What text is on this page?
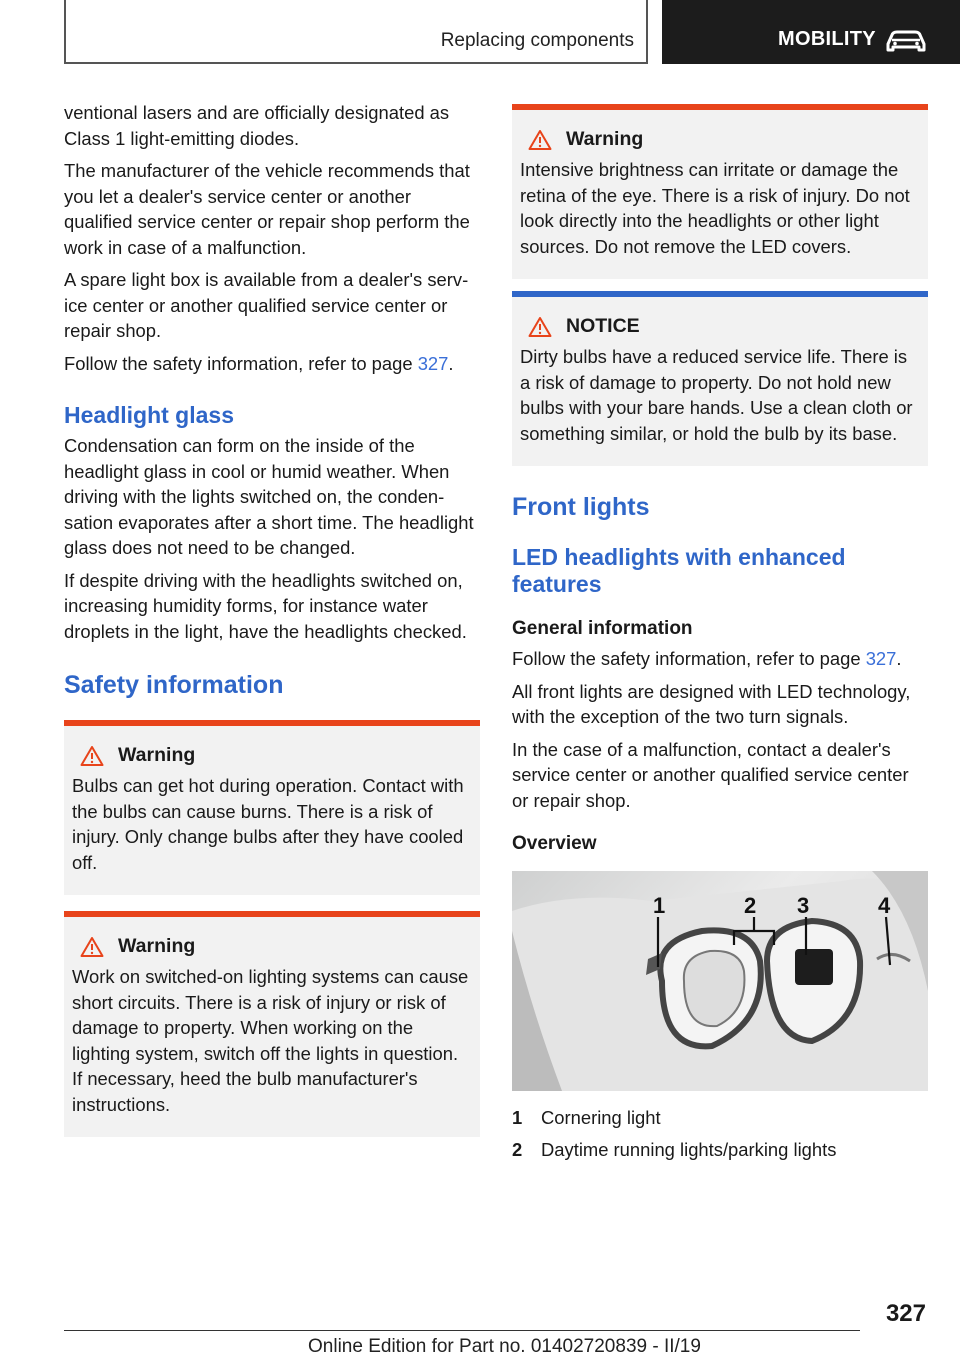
Replacing components	MOBILITY

ventional lasers and are officially designated as Class 1 light-emitting diodes.

The manufacturer of the vehicle recommends that you let a dealer's service center or another qualified service center or repair shop perform the work in case of a malfunction.

A spare light box is available from a dealer's service center or another qualified service center or repair shop.

Follow the safety information, refer to page 327.

Headlight glass

Condensation can form on the inside of the headlight glass in cool or humid weather. When driving with the lights switched on, the condensation evaporates after a short time. The headlight glass does not need to be changed.

If despite driving with the headlights switched on, increasing humidity forms, for instance water droplets in the light, have the headlights checked.

Safety information
Warning

Bulbs can get hot during operation. Contact with the bulbs can cause burns. There is a risk of injury. Only change bulbs after they have cooled off.

Warning

Work on switched-on lighting systems can cause short circuits. There is a risk of injury or risk of damage to property. When working on the lighting system, switch off the lights in question. If necessary, heed the bulb manufacturer's instructions.

Warning

Intensive brightness can irritate or damage the retina of the eye. There is a risk of injury. Do not look directly into the headlights or other light sources. Do not remove the LED covers.

NOTICE

Dirty bulbs have a reduced service life. There is a risk of damage to property. Do not hold new bulbs with your bare hands. Use a clean cloth or something similar, or hold the bulb by its base.

Front lights
LED headlights with enhanced features
General information

Follow the safety information, refer to page 327.

All front lights are designed with LED technology, with the exception of the two turn signals.

In the case of a malfunction, contact a dealer's service center or another qualified service center or repair shop.

Overview
1	2 3	4
1	Cornering light
2	Daytime running lights/parking lights
327
Online Edition for Part no. 01402720839 - II/19
